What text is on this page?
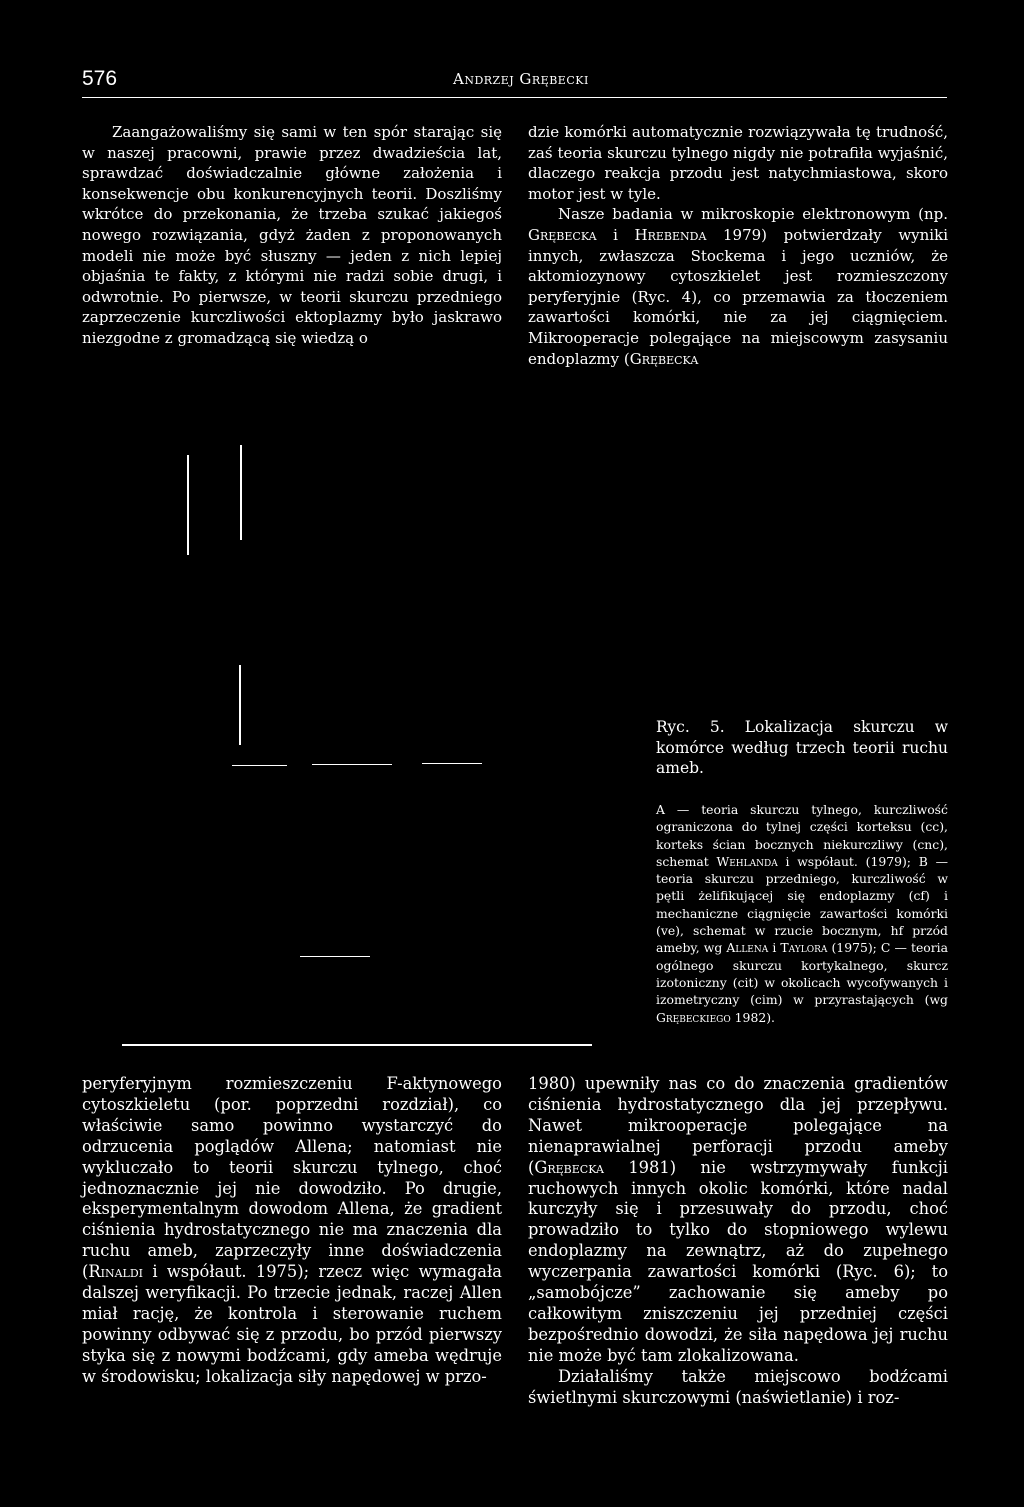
576	Andrzej Grębecki

Zaangażowaliśmy się sami w ten spór starając się w naszej pracowni, prawie przez dwadzieścia lat, sprawdzać doświadczalnie główne założenia i konsekwencje obu konkurencyjnych teorii. Doszliśmy wkrótce do przekonania, że trzeba szukać jakiegoś nowego rozwiązania, gdyż żaden z proponowanych modeli nie może być słuszny — jeden z nich lepiej objaśnia te fakty, z którymi nie radzi sobie drugi, i odwrotnie. Po pierwsze, w teorii skurczu przedniego zaprzeczenie kurczliwości ektoplazmy było jaskrawo niezgodne z gromadzącą się wiedzą o

dzie komórki automatycznie rozwiązywała tę trudność, zaś teoria skurczu tylnego nigdy nie potrafiła wyjaśnić, dlaczego reakcja przodu jest natychmiastowa, skoro motor jest w tyle.

Nasze badania w mikroskopie elektronowym (np. Grębecka i Hrebenda 1979) potwierdzały wyniki innych, zwłaszcza Stockema i jego uczniów, że aktomiozynowy cytoszkielet jest rozmieszczony peryferyjnie (Ryc. 4), co przemawia za tłoczeniem zawartości komórki, nie za jej ciągnięciem. Mikrooperacje polegające na miejscowym zasysaniu endoplazmy (Grębecka

Ryc. 5. Lokalizacja skurczu w komórce według trzech teorii ruchu ameb.
A — teoria skurczu tylnego, kurczliwość ograniczona do tylnej części korteksu (cc), korteks ścian bocznych niekurczliwy (cnc), schemat Wehlanda i współaut. (1979); B — teoria skurczu przedniego, kurczliwość w pętli żelifikującej się endoplazmy (cf) i mechaniczne ciągnięcie zawartości komórki (ve), schemat w rzucie bocznym, hf przód ameby, wg Allena i Taylora (1975); C — teoria ogólnego skurczu kortykalnego, skurcz izotoniczny (cit) w okolicach wycofywanych i izometryczny (cim) w przyrastających (wg Grębeckiego 1982).

peryferyjnym rozmieszczeniu F-aktynowego cytoszkieletu (por. poprzedni rozdział), co właściwie samo powinno wystarczyć do odrzucenia poglądów Allena; natomiast nie wykluczało to teorii skurczu tylnego, choć jednoznacznie jej nie dowodziło. Po drugie, eksperymentalnym dowodom Allena, że gradient ciśnienia hydrostatycznego nie ma znaczenia dla ruchu ameb, zaprzeczyły inne doświadczenia (Rinaldi i współaut. 1975); rzecz więc wymagała dalszej weryfikacji. Po trzecie jednak, raczej Allen miał rację, że kontrola i sterowanie ruchem powinny odbywać się z przodu, bo przód pierwszy styka się z nowymi bodźcami, gdy ameba wędruje w środowisku; lokalizacja siły napędowej w przo-

1980) upewniły nas co do znaczenia gradientów ciśnienia hydrostatycznego dla jej przepływu. Nawet mikrooperacje polegające na nienaprawialnej perforacji przodu ameby (Grębecka 1981) nie wstrzymywały funkcji ruchowych innych okolic komórki, które nadal kurczyły się i przesuwały do przodu, choć prowadziło to tylko do stopniowego wylewu endoplazmy na zewnątrz, aż do zupełnego wyczerpania zawartości komórki (Ryc. 6); to „samobójcze” zachowanie się ameby po całkowitym zniszczeniu jej przedniej części bezpośrednio dowodzi, że siła napędowa jej ruchu nie może być tam zlokalizowana.

Działaliśmy także miejscowo bodźcami świetlnymi skurczowymi (naświetlanie) i roz-
